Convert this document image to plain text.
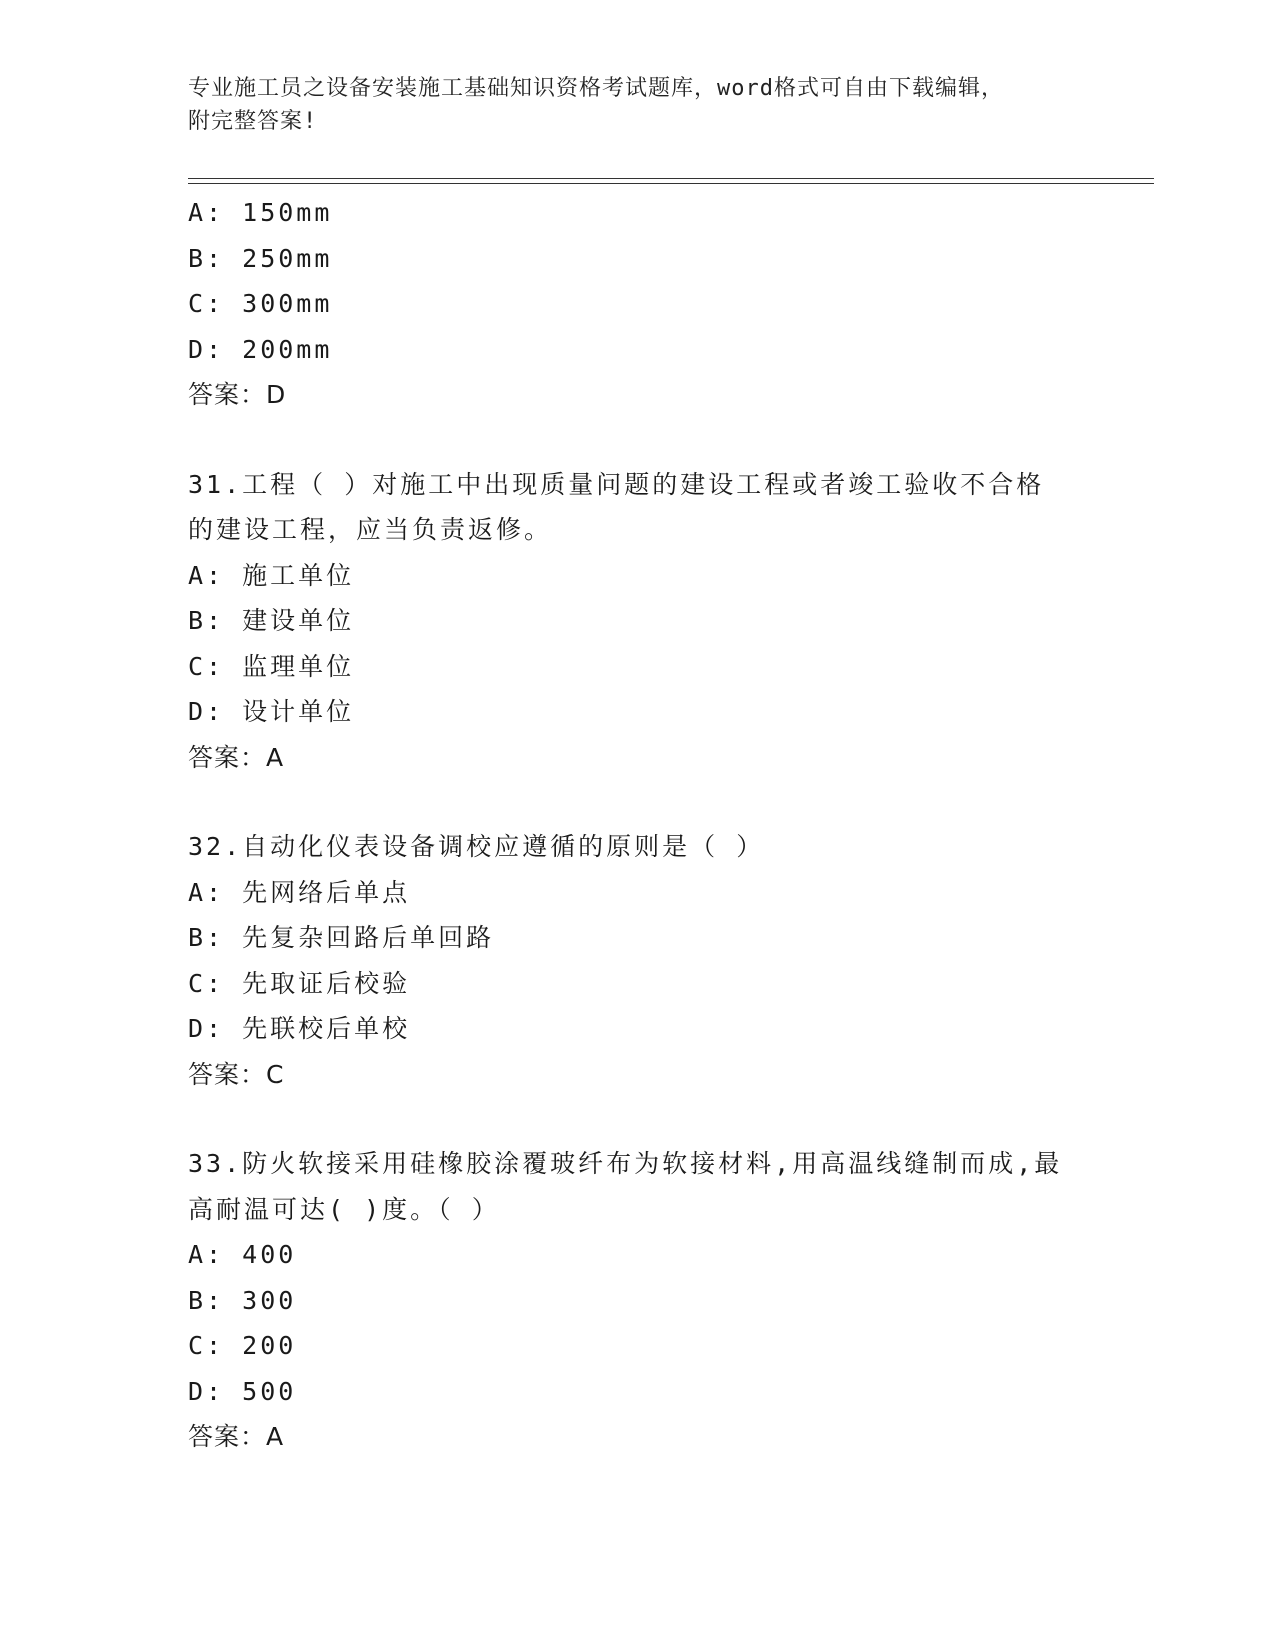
专业施工员之设备安装施工基础知识资格考试题库，word格式可自由下载编辑，
附完整答案!
A: 150mm
B: 250mm
C: 300mm
D: 200mm
答案：D
31.工程（ ）对施工中出现质量问题的建设工程或者竣工验收不合格
的建设工程，应当负责返修。
A: 施工单位
B: 建设单位
C: 监理单位
D: 设计单位
答案：A
32.自动化仪表设备调校应遵循的原则是（ ）
A: 先网络后单点
B: 先复杂回路后单回路
C: 先取证后校验
D: 先联校后单校
答案：C
33.防火软接采用硅橡胶涂覆玻纤布为软接材料,用高温线缝制而成,最
高耐温可达( )度。（ ）
A: 400
B: 300
C: 200
D: 500
答案：A
